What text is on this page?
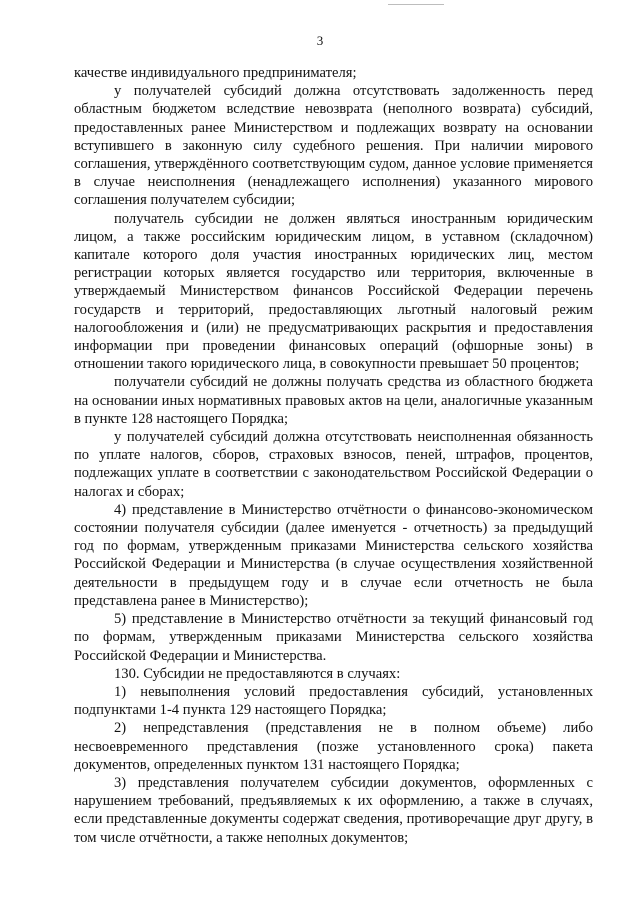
3

качестве индивидуального предпринимателя;

у получателей субсидий должна отсутствовать задолженность перед областным бюджетом вследствие невозврата (неполного возврата) субсидий, предоставленных ранее Министерством и подлежащих возврату на основании вступившего в законную силу судебного решения. При наличии мирового соглашения, утверждённого соответствующим судом, данное условие применяется в случае неисполнения (ненадлежащего исполнения) указанного мирового соглашения получателем субсидии;

получатель субсидии не должен являться иностранным юридическим лицом, а также российским юридическим лицом, в уставном (складочном) капитале которого доля участия иностранных юридических лиц, местом регистрации которых является государство или территория, включенные в утверждаемый Министерством финансов Российской Федерации перечень государств и территорий, предоставляющих льготный налоговый режим налогообложения и (или) не предусматривающих раскрытия и предоставления информации при проведении финансовых операций (офшорные зоны) в отношении такого юридического лица, в совокупности превышает 50 процентов;

получатели субсидий не должны получать средства из областного бюджета на основании иных нормативных правовых актов на цели, аналогичные указанным в пункте 128 настоящего Порядка;

у получателей субсидий должна отсутствовать неисполненная обязанность по уплате налогов, сборов, страховых взносов, пеней, штрафов, процентов, подлежащих уплате в соответствии с законодательством Российской Федерации о налогах и сборах;

4) представление в Министерство отчётности о финансово-экономическом состоянии получателя субсидии (далее именуется - отчетность) за предыдущий год по формам, утвержденным приказами Министерства сельского хозяйства Российской Федерации и Министерства (в случае осуществления хозяйственной деятельности в предыдущем году и в случае если отчетность не была представлена ранее в Министерство);

5) представление в Министерство отчётности за текущий финансовый год по формам, утвержденным приказами Министерства сельского хозяйства Российской Федерации и Министерства.

130. Субсидии не предоставляются в случаях:

1) невыполнения условий предоставления субсидий, установленных подпунктами 1-4 пункта 129 настоящего Порядка;

2) непредставления (представления не в полном объеме) либо несвоевременного представления (позже установленного срока) пакета документов, определенных пунктом 131 настоящего Порядка;

3) представления получателем субсидии документов, оформленных с нарушением требований, предъявляемых к их оформлению, а также в случаях, если представленные документы содержат сведения, противоречащие друг другу, в том числе отчётности, а также неполных документов;
